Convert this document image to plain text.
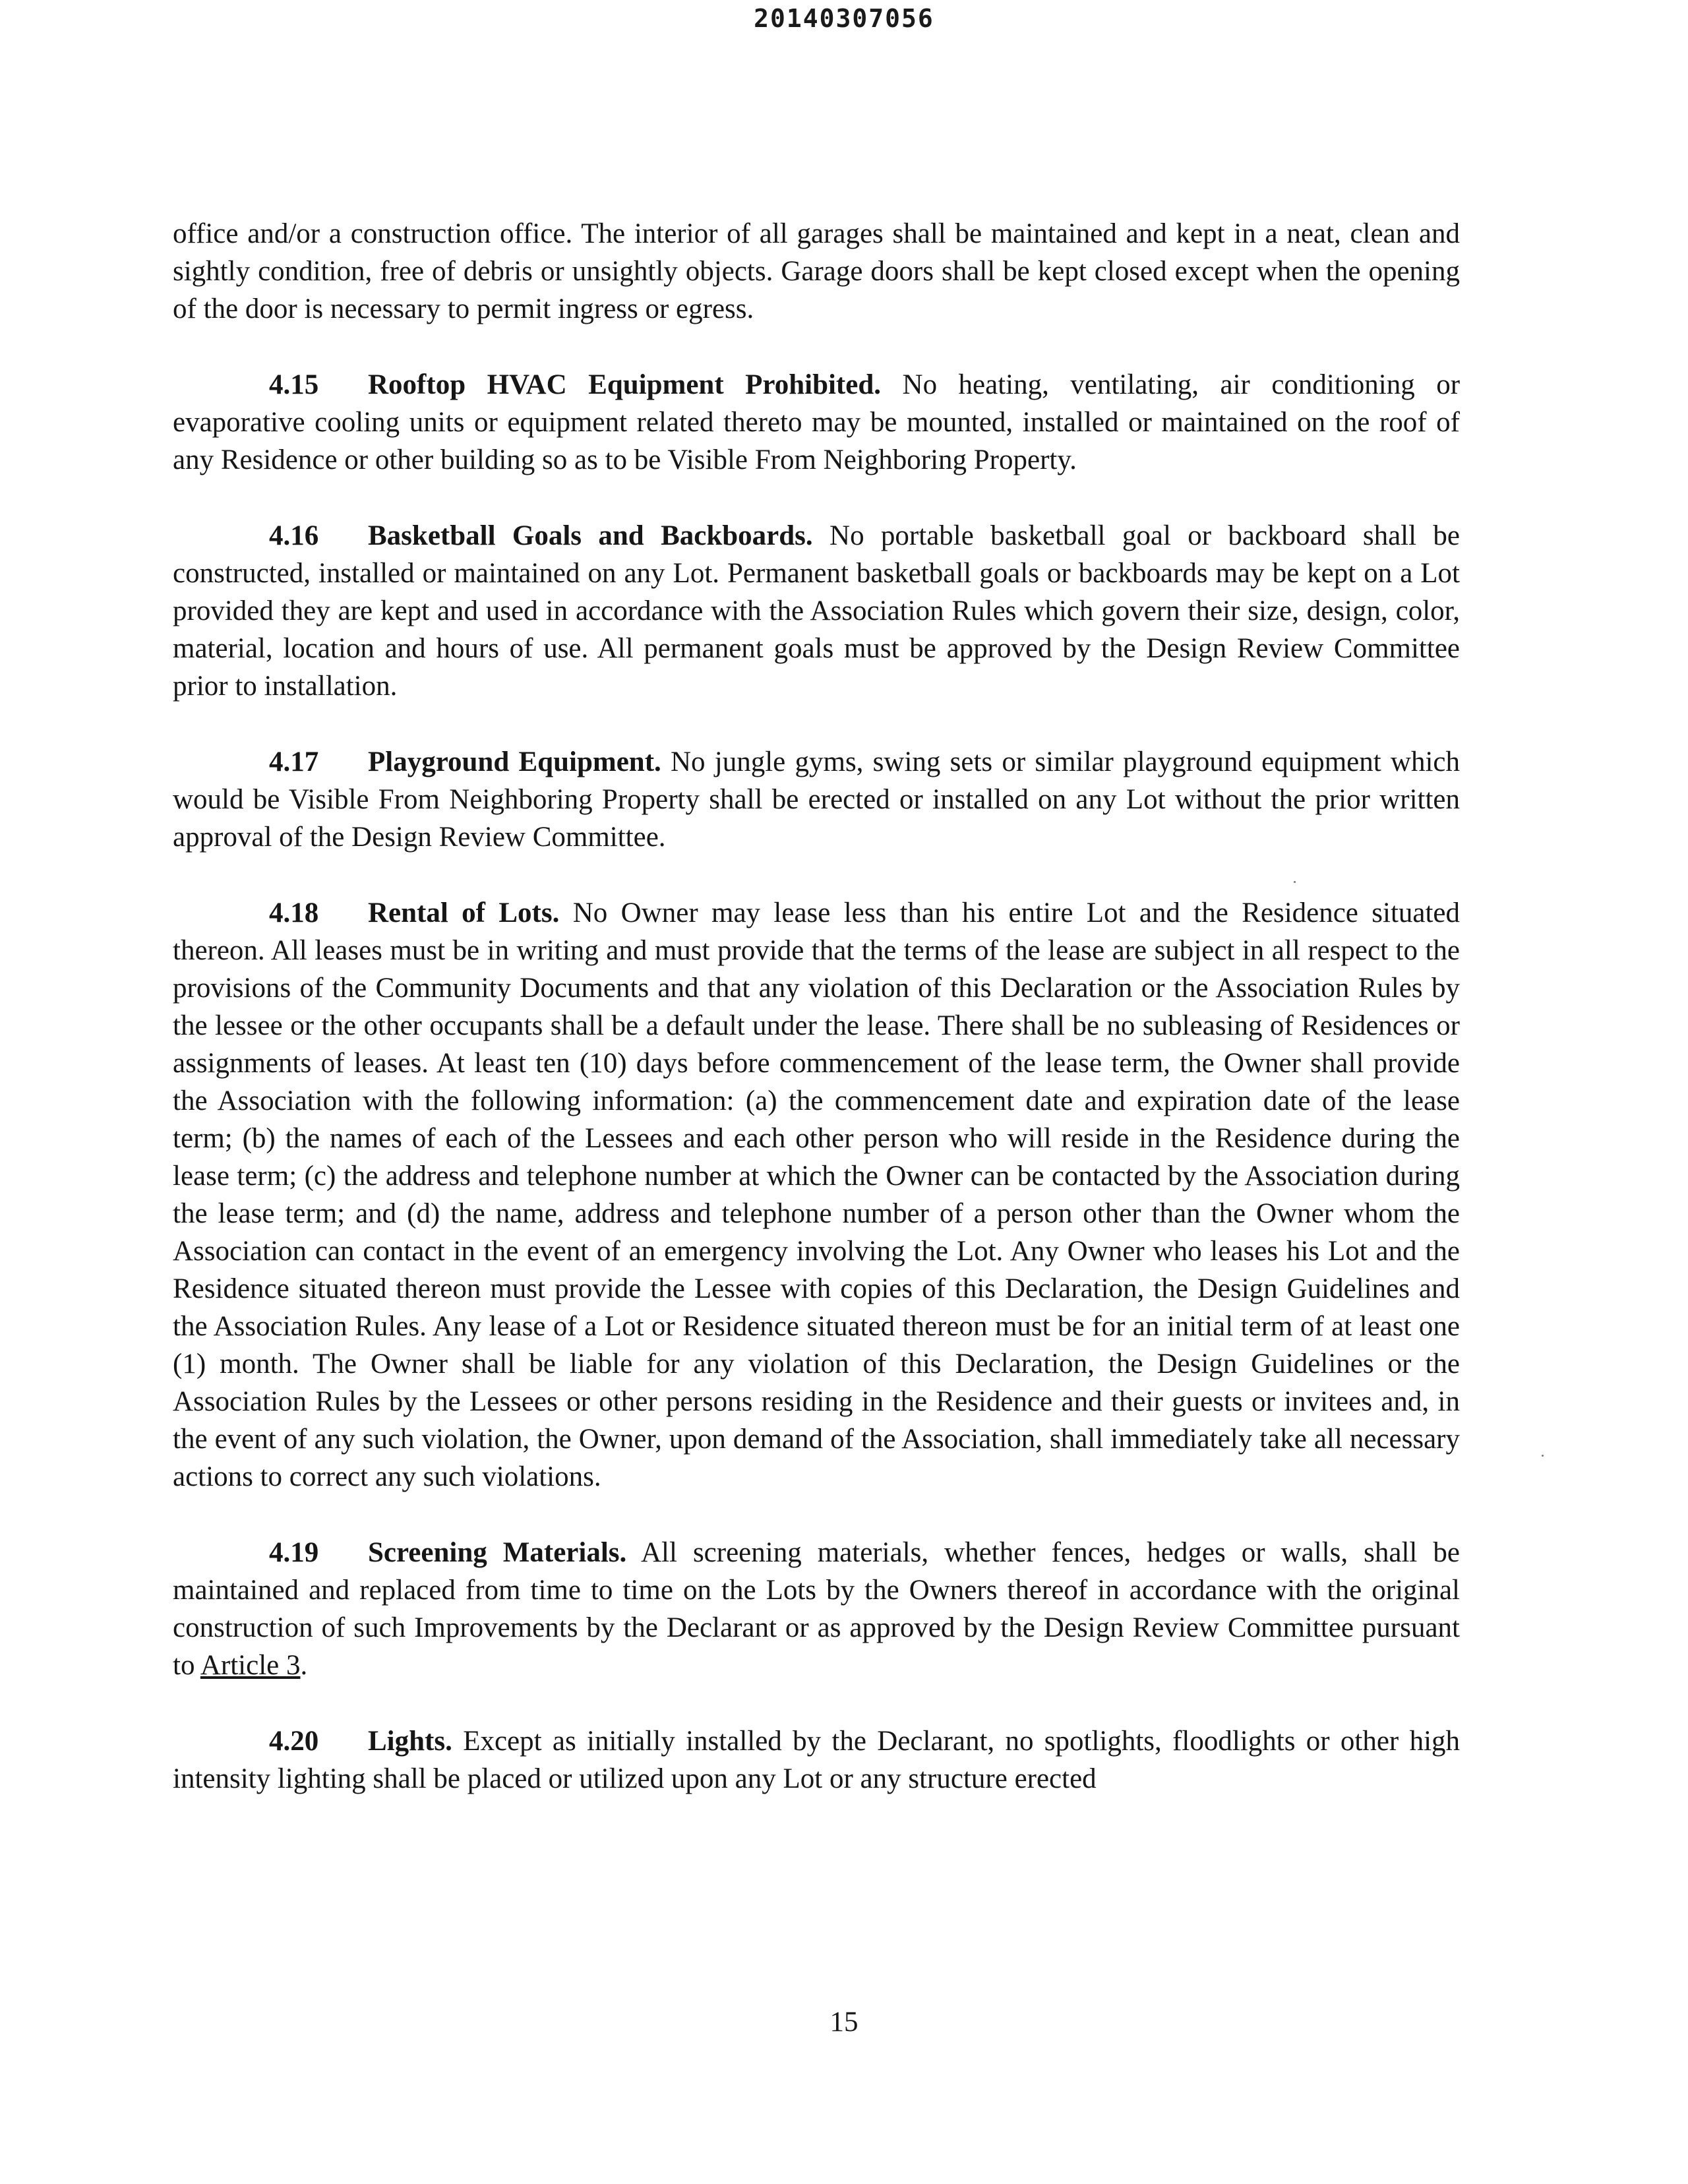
20140307056

office and/or a construction office. The interior of all garages shall be maintained and kept in a neat, clean and sightly condition, free of debris or unsightly objects. Garage doors shall be kept closed except when the opening of the door is necessary to permit ingress or egress.

4.15 Rooftop HVAC Equipment Prohibited. No heating, ventilating, air conditioning or evaporative cooling units or equipment related thereto may be mounted, installed or maintained on the roof of any Residence or other building so as to be Visible From Neighboring Property.

4.16 Basketball Goals and Backboards. No portable basketball goal or backboard shall be constructed, installed or maintained on any Lot. Permanent basketball goals or backboards may be kept on a Lot provided they are kept and used in accordance with the Association Rules which govern their size, design, color, material, location and hours of use. All permanent goals must be approved by the Design Review Committee prior to installation.

4.17 Playground Equipment. No jungle gyms, swing sets or similar playground equipment which would be Visible From Neighboring Property shall be erected or installed on any Lot without the prior written approval of the Design Review Committee.

4.18 Rental of Lots. No Owner may lease less than his entire Lot and the Residence situated thereon. All leases must be in writing and must provide that the terms of the lease are subject in all respect to the provisions of the Community Documents and that any violation of this Declaration or the Association Rules by the lessee or the other occupants shall be a default under the lease. There shall be no subleasing of Residences or assignments of leases. At least ten (10) days before commencement of the lease term, the Owner shall provide the Association with the following information: (a) the commencement date and expiration date of the lease term; (b) the names of each of the Lessees and each other person who will reside in the Residence during the lease term; (c) the address and telephone number at which the Owner can be contacted by the Association during the lease term; and (d) the name, address and telephone number of a person other than the Owner whom the Association can contact in the event of an emergency involving the Lot. Any Owner who leases his Lot and the Residence situated thereon must provide the Lessee with copies of this Declaration, the Design Guidelines and the Association Rules. Any lease of a Lot or Residence situated thereon must be for an initial term of at least one (1) month. The Owner shall be liable for any violation of this Declaration, the Design Guidelines or the Association Rules by the Lessees or other persons residing in the Residence and their guests or invitees and, in the event of any such violation, the Owner, upon demand of the Association, shall immediately take all necessary actions to correct any such violations.

4.19 Screening Materials. All screening materials, whether fences, hedges or walls, shall be maintained and replaced from time to time on the Lots by the Owners thereof in accordance with the original construction of such Improvements by the Declarant or as approved by the Design Review Committee pursuant to Article 3.

4.20 Lights. Except as initially installed by the Declarant, no spotlights, floodlights or other high intensity lighting shall be placed or utilized upon any Lot or any structure erected

15
